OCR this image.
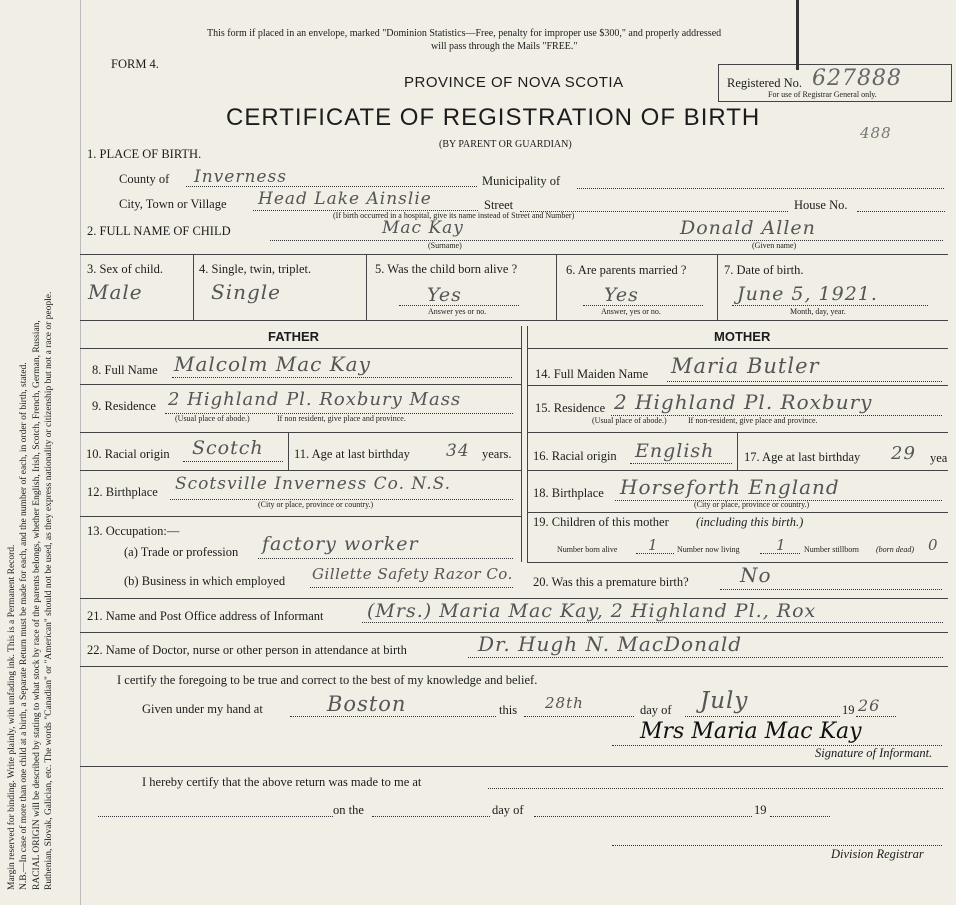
Margin reserved for binding. Write plainly, with unfading ink. This is a Permanent Record. N.B.—In case of more than one child at a birth, a Separate Return must be made for each, and the number of each, in order of birth, stated. RACIAL ORIGIN will be described by stating to what stock by race of the parents belongs, whether English, Irish, Scotch, French, German, Russian, Ruthenian, Slovak, Galician, etc. The words "Canadian" or "American" should not be used, as they express nationality or citizenship but not a race or people.
This form if placed in an envelope, marked "Dominion Statistics—Free, penalty for improper use $300," and properly addressed
will pass through the Mails "FREE."
FORM 4.
PROVINCE OF NOVA SCOTIA	Registered No. 627888
For use of Registrar General only.
CERTIFICATE OF REGISTRATION OF BIRTH
488
(BY PARENT OR GUARDIAN)
1. PLACE OF BIRTH.
County of Inverness	Municipality of
City, Town or Village Head Lake Ainslie	Street	House No.
(If birth occurred in a hospital, give its name instead of Street and Number)
2. FULL NAME OF CHILD	Mac Kay
(Surname)
Donald Allen
(Given name)
3. Sex of child.
Male
4. Single, twin, triplet.
Single
5. Was the child born alive ?
Yes
Answer yes or no.
6. Are parents married ?
Yes
Answer, yes or no.
7. Date of birth.
June 5, 1921.
Month, day, year.
FATHER	MOTHER
8. Full Name Malcolm Mac Kay
9. Residence 2 Highland Pl. Roxbury Mass
(Usual place of abode.)	If non resident, give place and province.
10. Racial origin Scotch 11. Age at last birthday 34 years.
12. Birthplace Scotsville Inverness Co. N.S.
(City or place, province or country.)
14. Full Maiden Name Maria Butler
15. Residence 2 Highland Pl. Roxbury
(Usual place of abode.)	If non-resident, give place and province.
16. Racial origin English 17. Age at last birthday 29 yea
18. Birthplace Horseforth England
(City or place, province or country.)
19. Children of this mother (including this birth.)
Number born alive 1 Number now living 1 Number stillborn (born dead) 0
20. Was this a premature birth?	No
13. Occupation:—
(a) Trade or profession factory worker
(b) Business in which employed Gillette Safety Razor Co.
21. Name and Post Office address of Informant (Mrs.) Maria Mac Kay, 2 Highland Pl., Rox
22. Name of Doctor, nurse or other person in attendance at birth	Dr. Hugh N. MacDonald
I certify the foregoing to be true and correct to the best of my knowledge and belief.
Given under my hand at	Boston	this 28th	day of July	19 26
Mrs Maria Mac Kay
Signature of Informant.
I hereby certify that the above return was made to me at
on the	day of	19
Division Registrar
